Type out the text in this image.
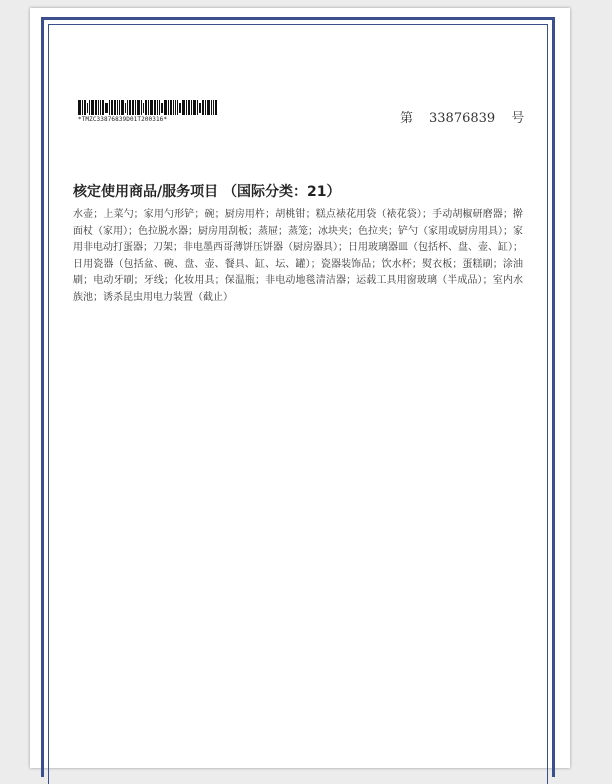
*TMZC33876839D01T200316*	第 33876839 号
核定使用商品/服务项目 （国际分类：21）
水壶；上菜勺；家用勺形铲；碗；厨房用杵；胡桃钳；糕点裱花用袋（裱花袋）；手动胡椒研磨器；擀面杖（家用）；色拉脱水器；厨房用刮板；蒸屉；蒸笼；冰块夹；色拉夹；铲勺（家用或厨房用具）；家用非电动打蛋器；刀架；非电墨西哥薄饼压饼器（厨房器具）；日用玻璃器皿（包括杯、盘、壶、缸）；日用瓷器（包括盆、碗、盘、壶、餐具、缸、坛、罐）；瓷器装饰品；饮水杯；熨衣板；蛋糕刷；涂油刷；电动牙刷；牙线；化妆用具；保温瓶；非电动地毯清洁器；运载工具用窗玻璃（半成品）；室内水族池；诱杀昆虫用电力装置（截止）
